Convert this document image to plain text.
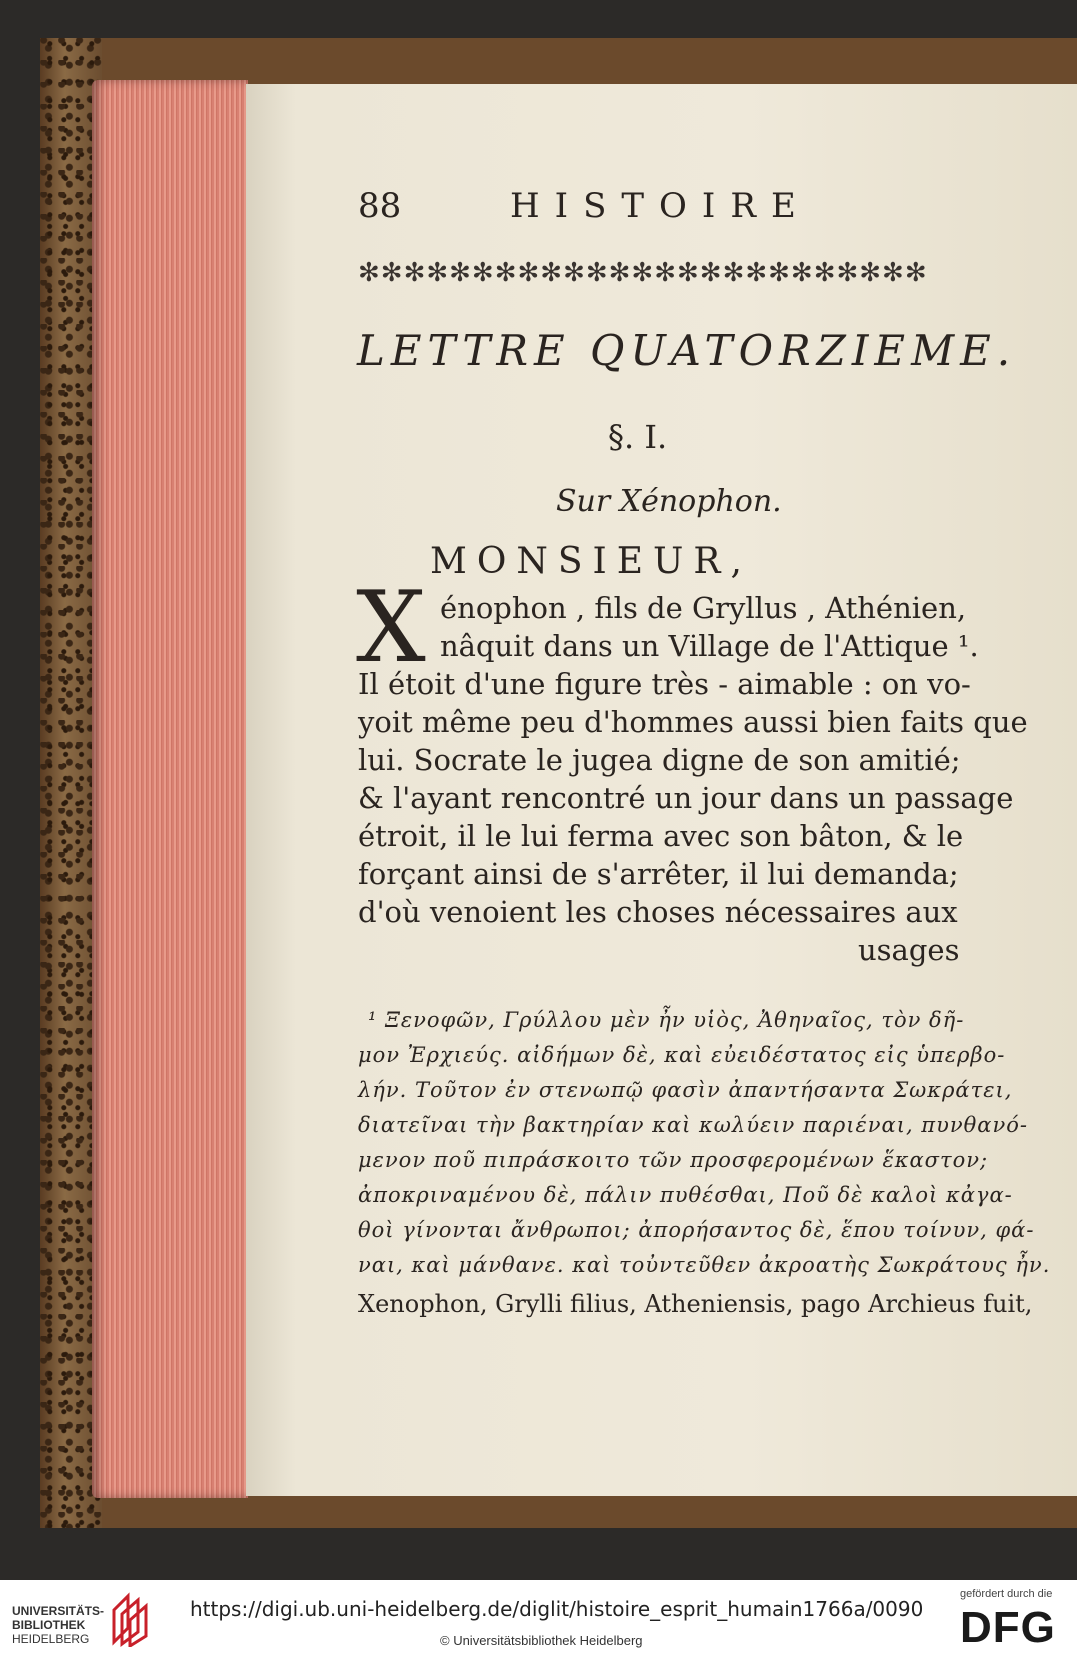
88	HISTOIRE
✻✻✻✻✻✻✻✻✻✻✻✻✻✻✻✻✻✻✻✻✻✻✻✻✻
LETTRE QUATORZIEME.
§. I.
Sur Xénophon.
MONSIEUR,
X énophon , fils de Gryllus , Athénien,
nâquit dans un Village de l'Attique ¹.
Il étoit d'une figure très - aimable : on vo-
yoit même peu d'hommes aussi bien faits que
lui. Socrate le jugea digne de son amitié;
& l'ayant rencontré un jour dans un passage
étroit, il le lui ferma avec son bâton, & le
forçant ainsi de s'arrêter, il lui demanda;
d'où venoient les choses nécessaires aux
usages
¹ Ξενοφῶν, Γρύλλου μὲν ἦν υἱὸς, Ἀθηναῖος, τὸν δῆ-
μον Ἐρχιεύς. αἰδήμων δὲ, καὶ εὐειδέστατος εἰς ὑπερβο-
λήν. Τοῦτον ἐν στενωπῷ φασὶν ἀπαντήσαντα Σωκράτει,
διατεῖναι τὴν βακτηρίαν καὶ κωλύειν παριέναι, πυνθανό-
μενον ποῦ πιπράσκοιτο τῶν προσφερομένων ἕκαστον;
ἀποκριναμένου δὲ, πάλιν πυθέσθαι, Ποῦ δὲ καλοὶ κἀγα-
θοὶ γίνονται ἄνθρωποι; ἀπορήσαντος δὲ, ἕπου τοίνυν, φά-
ναι, καὶ μάνθανε. καὶ τοὐντεῦθεν ἀκροατὴς Σωκράτους ἦν.
Xenophon, Grylli filius, Atheniensis, pago Archieus fuit,
UNIVERSITÄTS-
BIBLIOTHEK
HEIDELBERG
https://digi.ub.uni-heidelberg.de/diglit/histoire_esprit_humain1766a/0090
© Universitätsbibliothek Heidelberg
gefördert durch die
DFG
